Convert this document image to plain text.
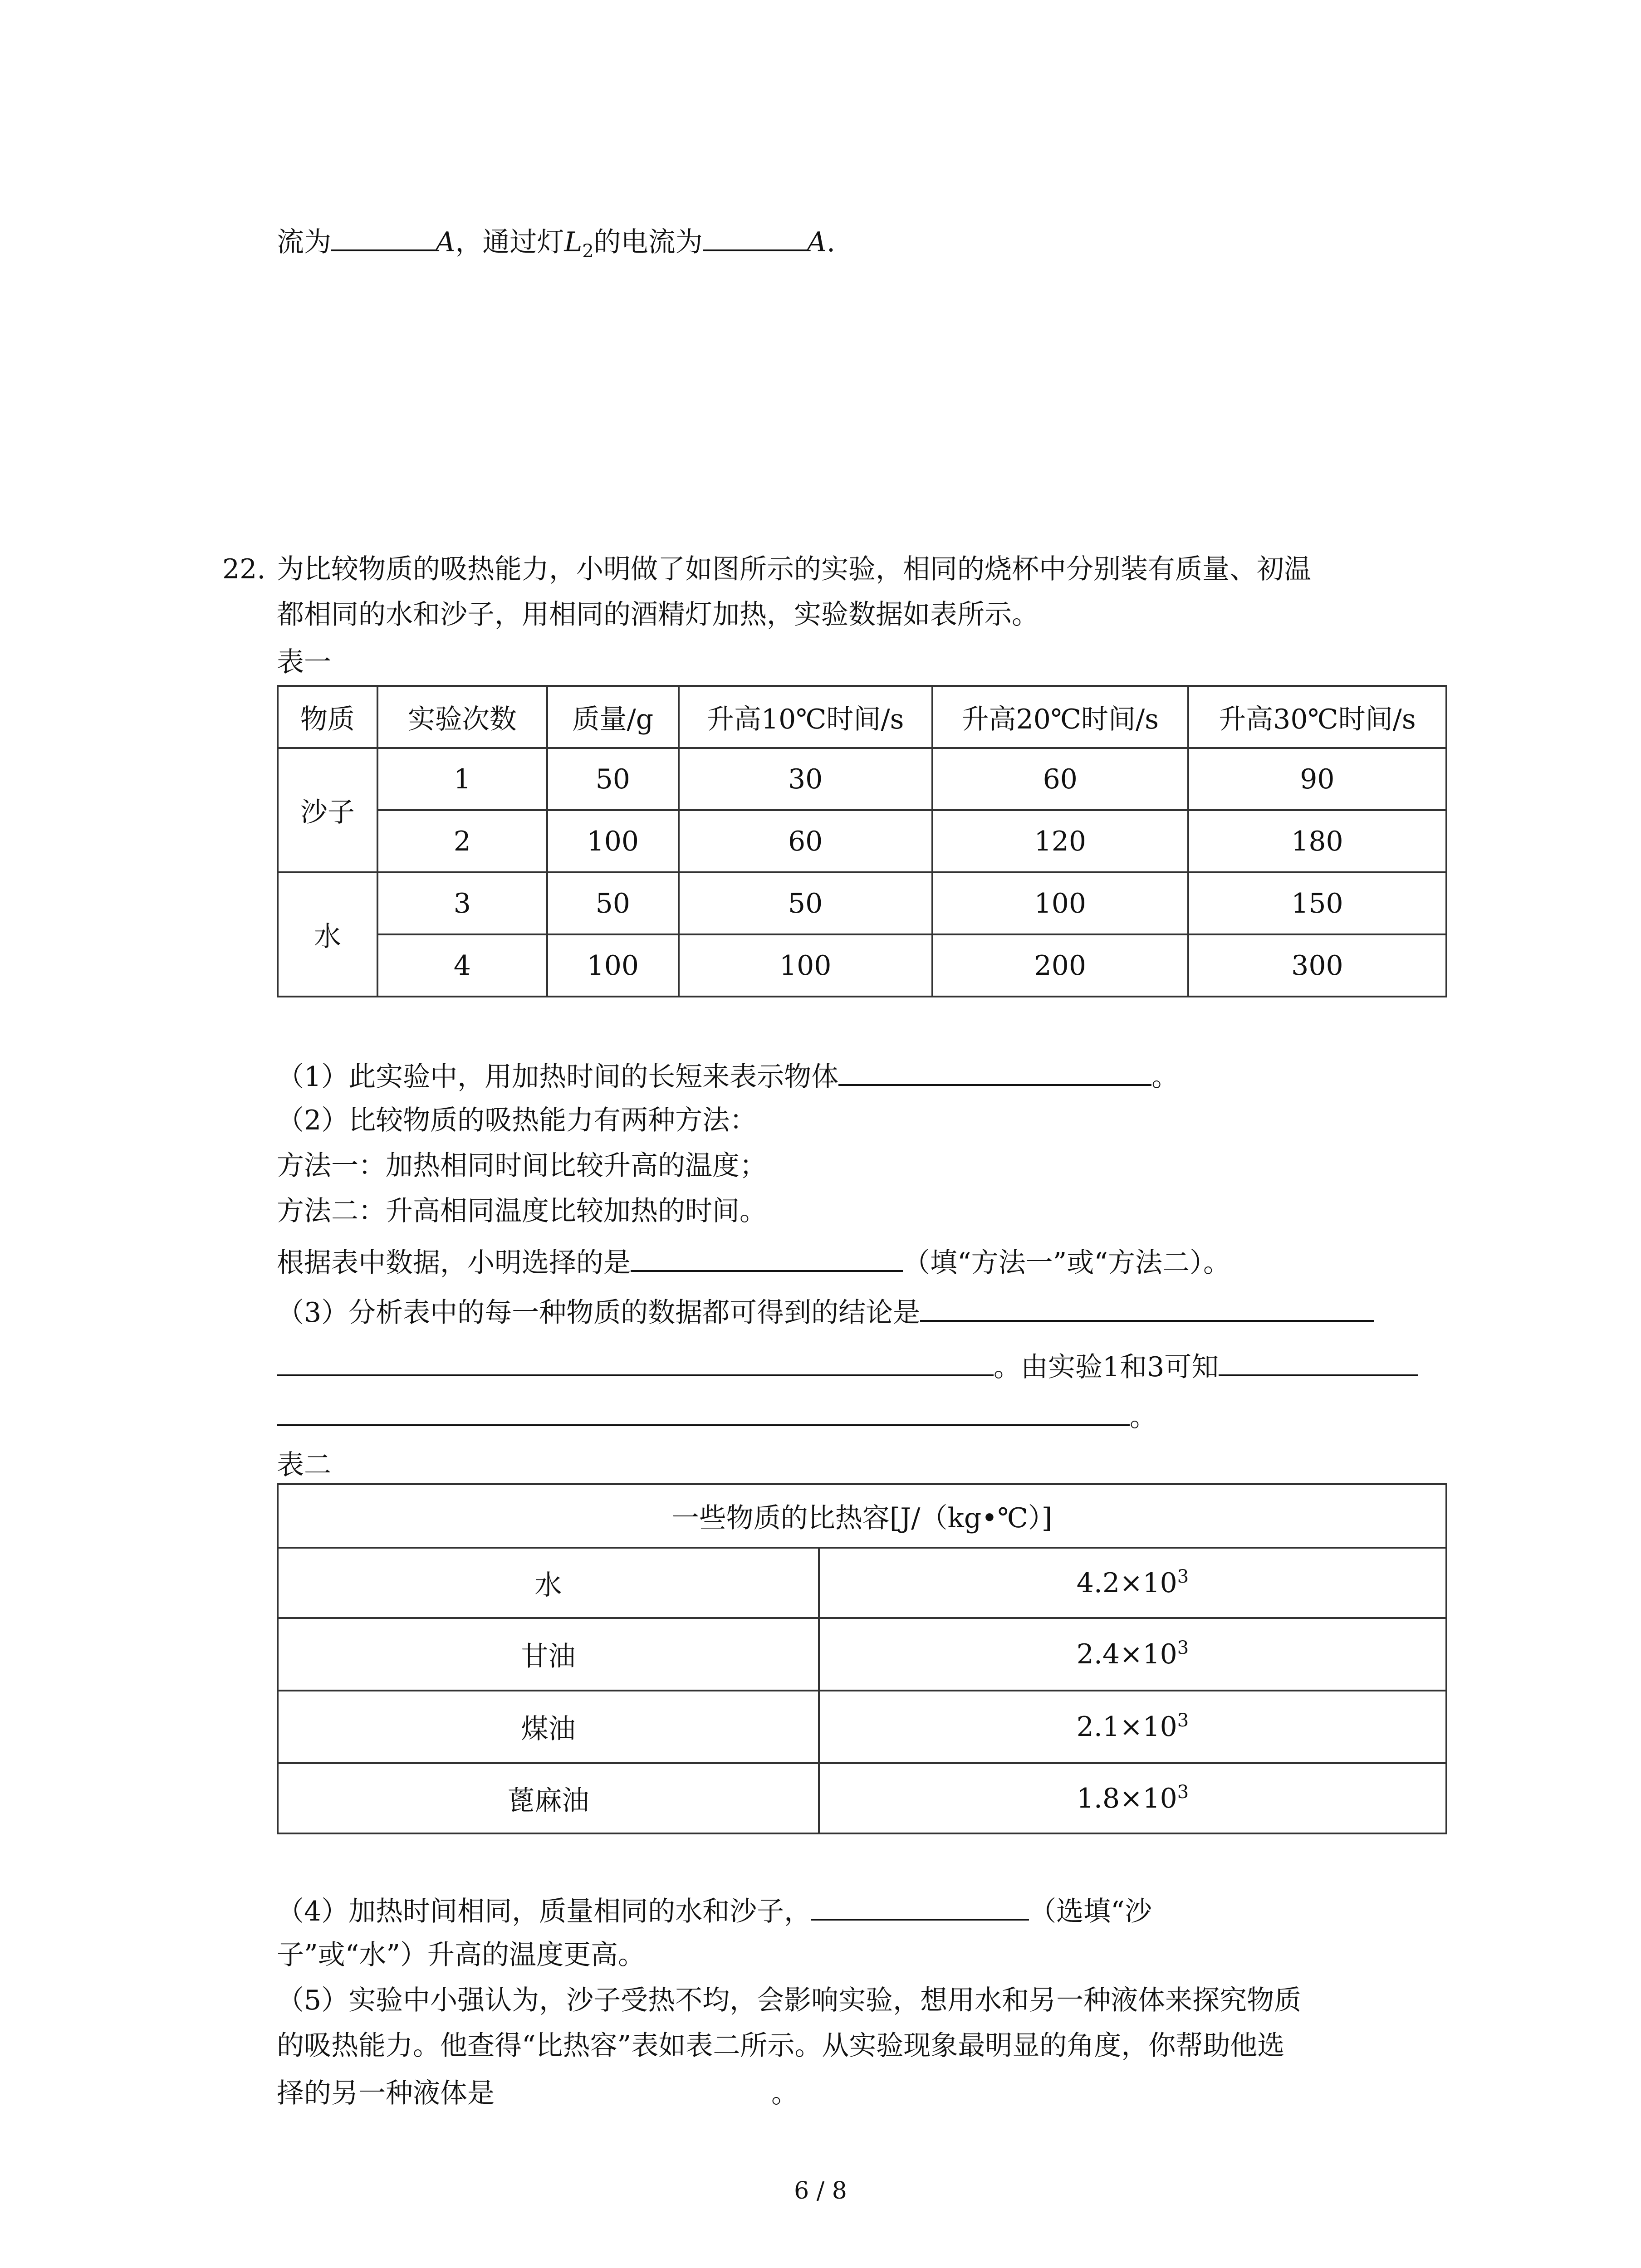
流为	A，通过灯$L_2$的电流为	A.
22. 为比较物质的吸热能力，小明做了如图所示的实验，相同的烧杯中分别装有质量、初温
都相同的水和沙子，用相同的酒精灯加热，实验数据如表所示。
表一
物质	实验次数	质量/g	升高10℃时间/s	升高20℃时间/s	升高30℃时间/s
沙子	1	50	30	60	90
	2	100	60	120	180
水	3	50	50	100	150
	4	100	100	200	300
（1）此实验中，用加热时间的长短来表示物体	。
（2）比较物质的吸热能力有两种方法：
方法一：加热相同时间比较升高的温度；
方法二：升高相同温度比较加热的时间。
根据表中数据，小明选择的是	（填“方法一”或“方法二）。
（3）分析表中的每一种物质的数据都可得到的结论是
。由实验1和3可知
。
表二
一些物质的比热容[J/（kg•℃）]	
水	$4.2\times 10^3$
甘油	$2.4\times 10^3$
煤油	$2.1\times 10^3$
蓖麻油	$1.8\times 10^3$
（4）加热时间相同，质量相同的水和沙子，	（选填“沙
子”或“水”）升高的温度更高。
（5）实验中小强认为，沙子受热不均，会影响实验，想用水和另一种液体来探究物质
的吸热能力。他查得“比热容”表如表二所示。从实验现象最明显的角度，你帮助他选
择的另一种液体是	。
6 / 8
